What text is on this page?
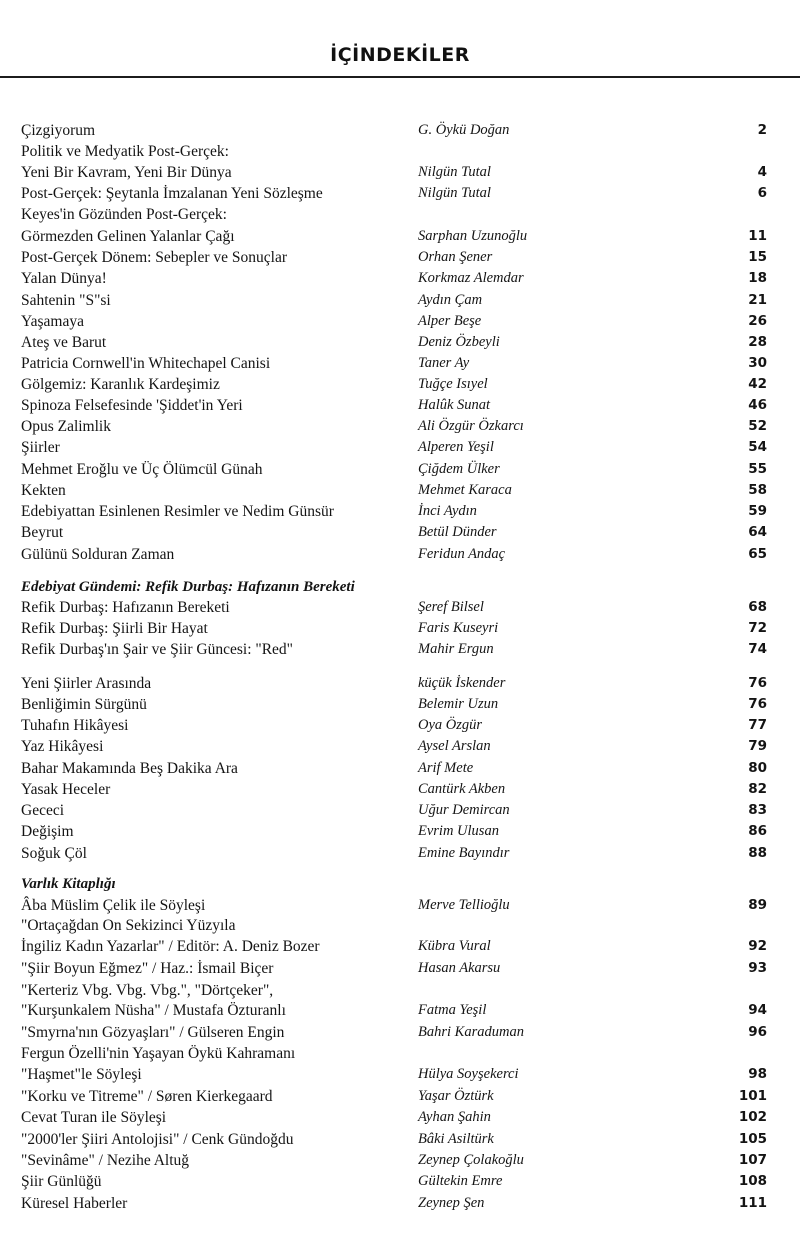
İÇİNDEKİLER
Çizgiyorum	G. Öykü Doğan	2
Politik ve Medyatik Post-Gerçek:
Yeni Bir Kavram, Yeni Bir Dünya	Nilgün Tutal	4
Post-Gerçek: Şeytanla İmzalanan Yeni Sözleşme	Nilgün Tutal	6
Keyes'in Gözünden Post-Gerçek:
Görmezden Gelinen Yalanlar Çağı	Sarphan Uzunoğlu	11
Post-Gerçek Dönem: Sebepler ve Sonuçlar	Orhan Şener	15
Yalan Dünya!	Korkmaz Alemdar	18
Sahtenin "S"si	Aydın Çam	21
Yaşamaya	Alper Beşe	26
Ateş ve Barut	Deniz Özbeyli	28
Patricia Cornwell'in Whitechapel Canisi	Taner Ay	30
Gölgemiz: Karanlık Kardeşimiz	Tuğçe Isıyel	42
Spinoza Felsefesinde 'Şiddet'in Yeri	Halûk Sunat	46
Opus Zalimlik	Ali Özgür Özkarcı	52
Şiirler	Alperen Yeşil	54
Mehmet Eroğlu ve Üç Ölümcül Günah	Çiğdem Ülker	55
Kekten	Mehmet Karaca	58
Edebiyattan Esinlenen Resimler ve Nedim Günsür	İnci Aydın	59
Beyrut	Betül Dünder	64
Gülünü Solduran Zaman	Feridun Andaç	65
Edebiyat Gündemi: Refik Durbaş: Hafızanın Bereketi
Refik Durbaş: Hafızanın Bereketi	Şeref Bilsel	68
Refik Durbaş: Şiirli Bir Hayat	Faris Kuseyri	72
Refik Durbaş'ın Şair ve Şiir Güncesi: "Red"	Mahir Ergun	74
Yeni Şiirler Arasında	küçük İskender	76
Benliğimin Sürgünü	Belemir Uzun	76
Tuhafın Hikâyesi	Oya Özgür	77
Yaz Hikâyesi	Aysel Arslan	79
Bahar Makamında Beş Dakika Ara	Arif Mete	80
Yasak Heceler	Cantürk Akben	82
Gececi	Uğur Demircan	83
Değişim	Evrim Ulusan	86
Soğuk Çöl	Emine Bayındır	88
Varlık Kitaplığı
Âba Müslim Çelik ile Söyleşi	Merve Tellioğlu	89
"Ortaçağdan On Sekizinci Yüzyıla
İngiliz Kadın Yazarlar" / Editör: A. Deniz Bozer	Kübra Vural	92
"Şiir Boyun Eğmez" / Haz.: İsmail Biçer	Hasan Akarsu	93
"Kerteriz Vbg. Vbg. Vbg.", "Dörtçeker",
"Kurşunkalem Nüsha" / Mustafa Özturanlı	Fatma Yeşil	94
"Smyrna'nın Gözyaşları" / Gülseren Engin	Bahri Karaduman	96
Fergun Özelli'nin Yaşayan Öykü Kahramanı
"Haşmet"le Söyleşi	Hülya Soyşekerci	98
"Korku ve Titreme" / Søren Kierkegaard	Yaşar Öztürk	101
Cevat Turan ile Söyleşi	Ayhan Şahin	102
"2000'ler Şiiri Antolojisi" / Cenk Gündoğdu	Bâki Asiltürk	105
"Sevinâme" / Nezihe Altuğ	Zeynep Çolakoğlu	107
Şiir Günlüğü	Gültekin Emre	108
Küresel Haberler	Zeynep Şen	111
